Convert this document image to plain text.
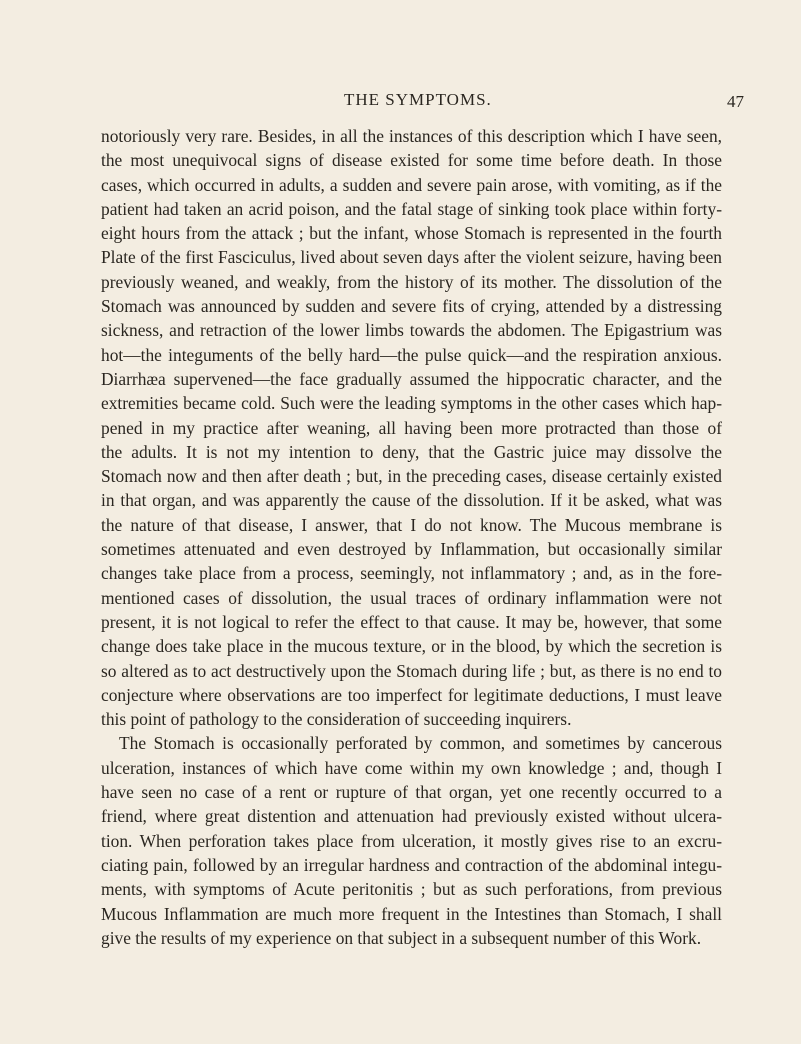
THE SYMPTOMS.	47
notoriously very rare. Besides, in all the instances of this description which I have seen,
the most unequivocal signs of disease existed for some time before death. In those
cases, which occurred in adults, a sudden and severe pain arose, with vomiting, as if the
patient had taken an acrid poison, and the fatal stage of sinking took place within forty-
eight hours from the attack ; but the infant, whose Stomach is represented in the fourth
Plate of the first Fasciculus, lived about seven days after the violent seizure, having been
previously weaned, and weakly, from the history of its mother. The dissolution of the
Stomach was announced by sudden and severe fits of crying, attended by a distressing
sickness, and retraction of the lower limbs towards the abdomen. The Epigastrium was
hot—the integuments of the belly hard—the pulse quick—and the respiration anxious.
Diarrhæa supervened—the face gradually assumed the hippocratic character, and the
extremities became cold. Such were the leading symptoms in the other cases which hap-
pened in my practice after weaning, all having been more protracted than those of
the adults. It is not my intention to deny, that the Gastric juice may dissolve the
Stomach now and then after death ; but, in the preceding cases, disease certainly existed
in that organ, and was apparently the cause of the dissolution. If it be asked, what was
the nature of that disease, I answer, that I do not know. The Mucous membrane is
sometimes attenuated and even destroyed by Inflammation, but occasionally similar
changes take place from a process, seemingly, not inflammatory ; and, as in the fore-
mentioned cases of dissolution, the usual traces of ordinary inflammation were not
present, it is not logical to refer the effect to that cause. It may be, however, that some
change does take place in the mucous texture, or in the blood, by which the secretion is
so altered as to act destructively upon the Stomach during life ; but, as there is no end to
conjecture where observations are too imperfect for legitimate deductions, I must leave
this point of pathology to the consideration of succeeding inquirers.
The Stomach is occasionally perforated by common, and sometimes by cancerous
ulceration, instances of which have come within my own knowledge ; and, though I
have seen no case of a rent or rupture of that organ, yet one recently occurred to a
friend, where great distention and attenuation had previously existed without ulcera-
tion. When perforation takes place from ulceration, it mostly gives rise to an excru-
ciating pain, followed by an irregular hardness and contraction of the abdominal integu-
ments, with symptoms of Acute peritonitis ; but as such perforations, from previous
Mucous Inflammation are much more frequent in the Intestines than Stomach, I shall
give the results of my experience on that subject in a subsequent number of this Work.
